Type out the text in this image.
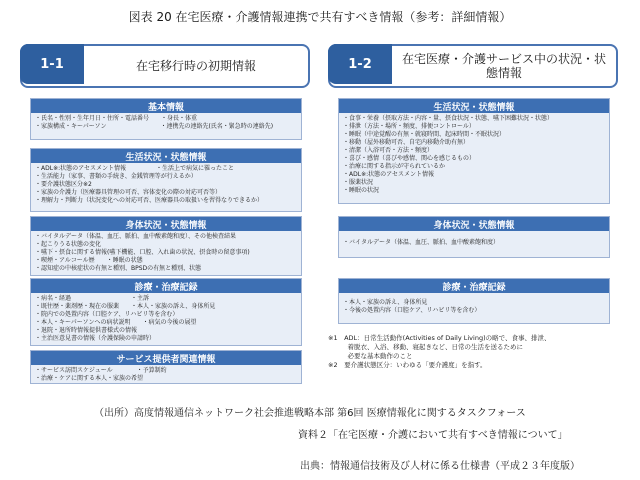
図表 20 在宅医療・介護情報連携で共有すべき情報（参考：詳細情報）
1-1	在宅移行時の初期情報
基本情報
・氏名・性別・生年月日・住所・電話番号　　・身長・体重
・家族構成・キーパーソン　　　　　　　　　・連携先の連絡先(氏名・緊急時の連絡先)
生活状況・状態情報
・ADL※:状態のアセスメント情報　　　　　・生活上で病気に罹ったこと
・生活能力（家事、書類の手続き、金銭管理等が行えるか）
・要介護状態区分※2
・家族の介護力（医療器具管理の可否、容体変化の際の対応可否等）
・理解力・判断力（状況変化への対応可否、医療器具の取扱いを習得なりできるか）
身体状況・状態情報
・バイタルデータ（体温、血圧、脈拍、血中酸素飽和度）、その他検査結果
・起こりうる状態の変化
・嚥下・摂食に関する情報(嚥下機能、口腔、入れ歯の状況、摂食時の留意事項)
・喫煙・アルコール歴　　・睡眠の状態
・認知症の中核症状の有無と種別、BPSDの有無と種別、状態
診療・治療記録
・病名・経過　　　　　　　　　　・主訴
・既往歴・薬剤歴・現在の服薬　　・本人・家族の訴え、身体所見
・院内での処置内容（口腔ケア、リハビリ等を含む）
・本人・キーパーソンへの病状説明　　・病気の今後の展望
・退院・退所時情報提供書様式の情報
・主治医意見書の情報（介護保険の申請時）
サービス提供者関連情報
・サービス訪問スケジュール　　　　・予算制約
・治療・ケアに関する本人・家族の希望
1-2	在宅医療・介護サービス中の状況・状態情報
生活状況・状態情報
・食事・栄養（摂取方法・内容・量、摂食状況・状態、嚥下困難状況・状態）
・排泄（方法・場所・頻度、排便コントロール）
・睡眠（中途覚醒の有無・就寝時間、起床時間・不眠状況）
・移動（屋外移動可否、自宅内移動介助有無）
・清潔（入浴可否・方法・頻度）
・喜び・感情（喜びや感情、関心を感じるもの）
・治療に関する指示が守られているか
・ADL※:状態のアセスメント情報
・服薬状況
・睡眠の状況
身体状況・状態情報
・バイタルデータ（体温、血圧、脈拍、血中酸素飽和度）
診療・治療記録
・本人・家族の訴え、身体所見
・今後の処置内容（口腔ケア、リハビリ等を含む）
※1　ADL：日常生活動作(Activities of Daily Living)の略で、食事、排泄、
　　　着脱衣、入浴、移動、寝起きなど、日常の生活を送るために
　　　必要な基本動作のこと
※2　要介護状態区分：いわゆる「要介護度」を指す。
（出所）高度情報通信ネットワーク社会推進戦略本部 第6回 医療情報化に関するタスクフォース
資料２「在宅医療・介護において共有すべき情報について」
出典：情報通信技術及び人材に係る仕様書（平成２３年度版）
